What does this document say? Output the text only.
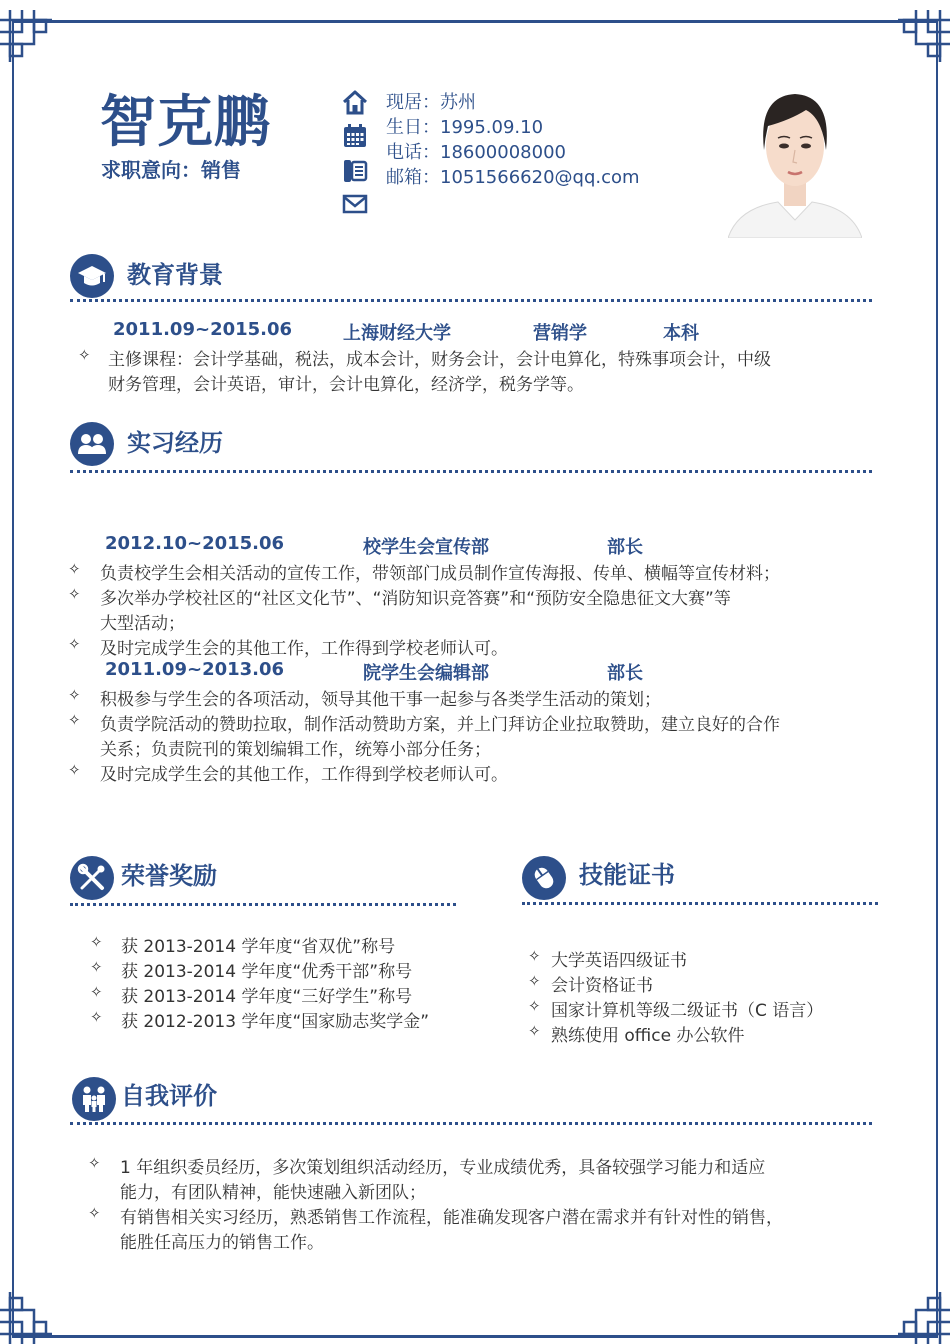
智克鹏
求职意向：销售
现居：苏州
生日：1995.09.10
电话：18600008000
邮箱：1051566620@qq.com
教育背景
2011.09~2015.06	上海财经大学	营销学	本科
✧ 主修课程：会计学基础，税法，成本会计，财务会计，会计电算化，特殊事项会计，中级
财务管理，会计英语，审计，会计电算化，经济学，税务学等。
实习经历
2012.10~2015.06	校学生会宣传部	部长
✧ 负责校学生会相关活动的宣传工作，带领部门成员制作宣传海报、传单、横幅等宣传材料；
✧ 多次举办学校社区的“社区文化节”、“消防知识竞答赛”和“预防安全隐患征文大赛”等
大型活动；
✧ 及时完成学生会的其他工作，工作得到学校老师认可。
2011.09~2013.06	院学生会编辑部	部长
✧ 积极参与学生会的各项活动，领导其他干事一起参与各类学生活动的策划；
✧ 负责学院活动的赞助拉取，制作活动赞助方案，并上门拜访企业拉取赞助，建立良好的合作
关系；负责院刊的策划编辑工作，统筹小部分任务；
✧ 及时完成学生会的其他工作，工作得到学校老师认可。
荣誉奖励
✧ 获 2013-2014 学年度“省双优”称号
✧ 获 2013-2014 学年度“优秀干部”称号
✧ 获 2013-2014 学年度“三好学生”称号
✧ 获 2012-2013 学年度“国家励志奖学金”
技能证书
✧ 大学英语四级证书
✧ 会计资格证书
✧ 国家计算机等级二级证书（C 语言）
✧ 熟练使用 office 办公软件
自我评价
✧ 1 年组织委员经历，多次策划组织活动经历，专业成绩优秀，具备较强学习能力和适应
能力，有团队精神，能快速融入新团队；
✧ 有销售相关实习经历，熟悉销售工作流程，能准确发现客户潜在需求并有针对性的销售，
能胜任高压力的销售工作。
